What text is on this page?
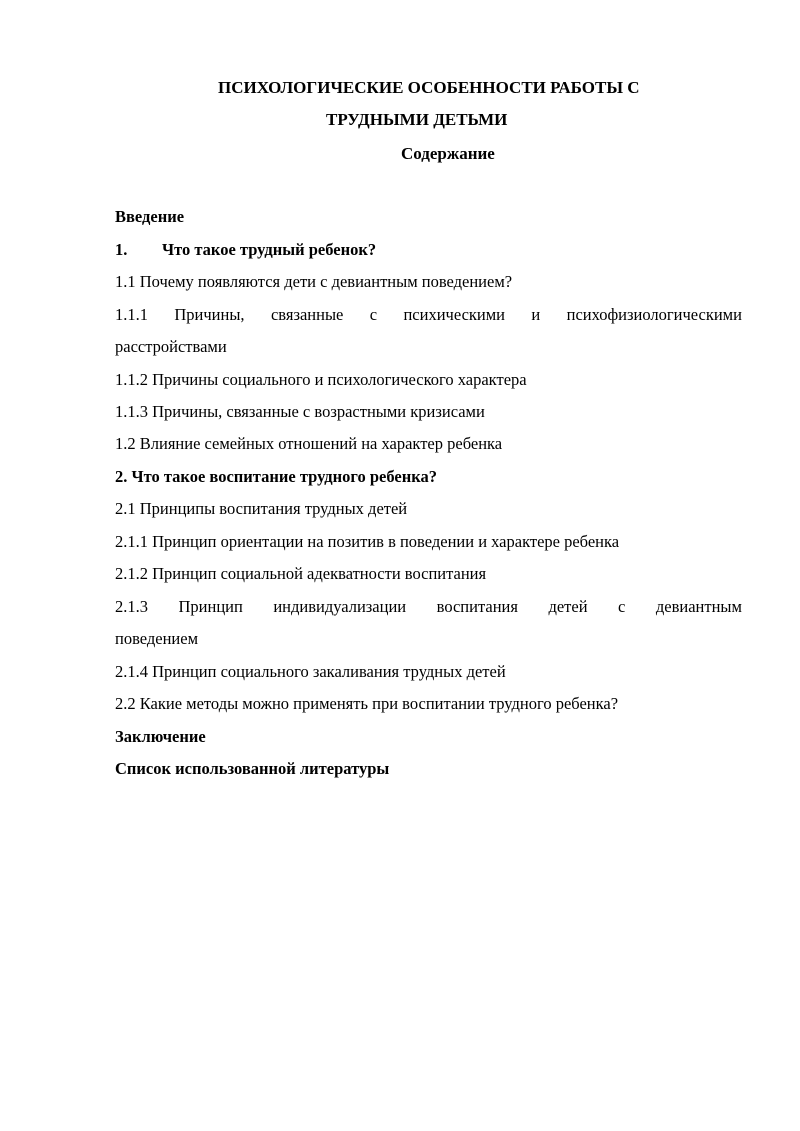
ПСИХОЛОГИЧЕСКИЕ ОСОБЕННОСТИ РАБОТЫ С
ТРУДНЫМИ ДЕТЬМИ
Содержание
Введение
1. Что такое трудный ребенок?
1.1 Почему появляются дети с девиантным поведением?
1.1.1 Причины, связанные с психическими и психофизиологическими
расстройствами
1.1.2 Причины социального и психологического характера
1.1.3 Причины, связанные с возрастными кризисами
1.2 Влияние семейных отношений на характер ребенка
2. Что такое воспитание трудного ребенка?
2.1 Принципы воспитания трудных детей
2.1.1 Принцип ориентации на позитив в поведении и характере ребенка
2.1.2 Принцип социальной адекватности воспитания
2.1.3 Принцип индивидуализации воспитания детей с девиантным
поведением
2.1.4 Принцип социального закаливания трудных детей
2.2 Какие методы можно применять при воспитании трудного ребенка?
Заключение
Список использованной литературы
